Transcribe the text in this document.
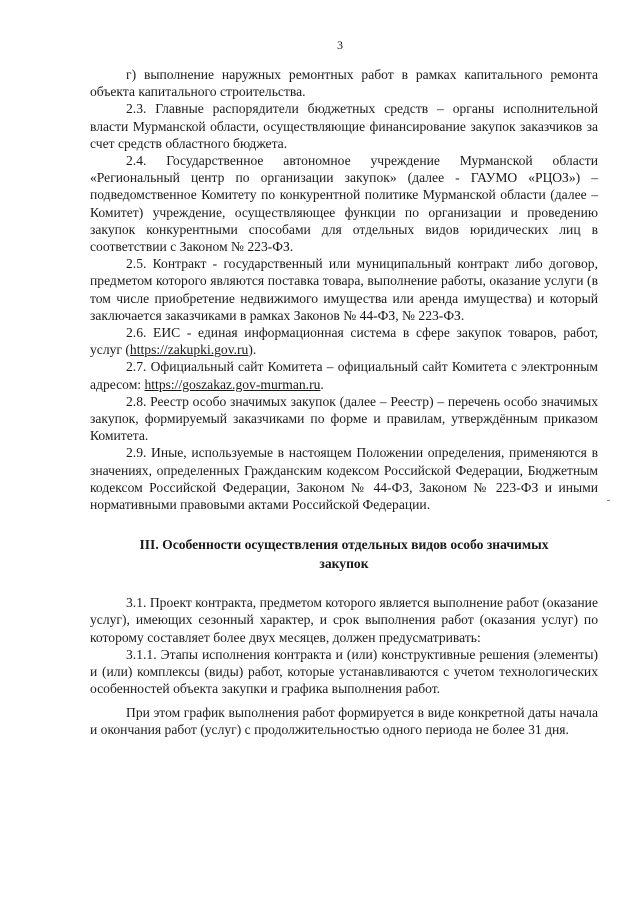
3

г) выполнение наружных ремонтных работ в рамках капитального ремонта объекта капитального строительства.

2.3. Главные распорядители бюджетных средств – органы исполнительной власти Мурманской области, осуществляющие финансирование закупок заказчиков за счет средств областного бюджета.

2.4. Государственное автономное учреждение Мурманской области «Региональный центр по организации закупок» (далее - ГАУМО «РЦОЗ») – подведомственное Комитету по конкурентной политике Мурманской области (далее – Комитет) учреждение, осуществляющее функции по организации и проведению закупок конкурентными способами для отдельных видов юридических лиц в соответствии с Законом № 223-ФЗ.

2.5. Контракт - государственный или муниципальный контракт либо договор, предметом которого являются поставка товара, выполнение работы, оказание услуги (в том числе приобретение недвижимого имущества или аренда имущества) и который заключается заказчиками в рамках Законов № 44-ФЗ, № 223-ФЗ.

2.6. ЕИС - единая информационная система в сфере закупок товаров, работ, услуг (https://zakupki.gov.ru).

2.7. Официальный сайт Комитета – официальный сайт Комитета с электронным адресом: https://goszakaz.gov-murman.ru.

2.8. Реестр особо значимых закупок (далее – Реестр) – перечень особо значимых закупок, формируемый заказчиками по форме и правилам, утверждённым приказом Комитета.

2.9. Иные, используемые в настоящем Положении определения, применяются в значениях, определенных Гражданским кодексом Российской Федерации, Бюджетным кодексом Российской Федерации, Законом № 44-ФЗ, Законом № 223-ФЗ и иными нормативными правовыми актами Российской Федерации.

III. Особенности осуществления отдельных видов особо значимых
закупок

3.1. Проект контракта, предметом которого является выполнение работ (оказание услуг), имеющих сезонный характер, и срок выполнения работ (оказания услуг) по которому составляет более двух месяцев, должен предусматривать:

3.1.1. Этапы исполнения контракта и (или) конструктивные решения (элементы) и (или) комплексы (виды) работ, которые устанавливаются с учетом технологических особенностей объекта закупки и графика выполнения работ.

При этом график выполнения работ формируется в виде конкретной даты начала и окончания работ (услуг) с продолжительностью одного периода не более 31 дня.
